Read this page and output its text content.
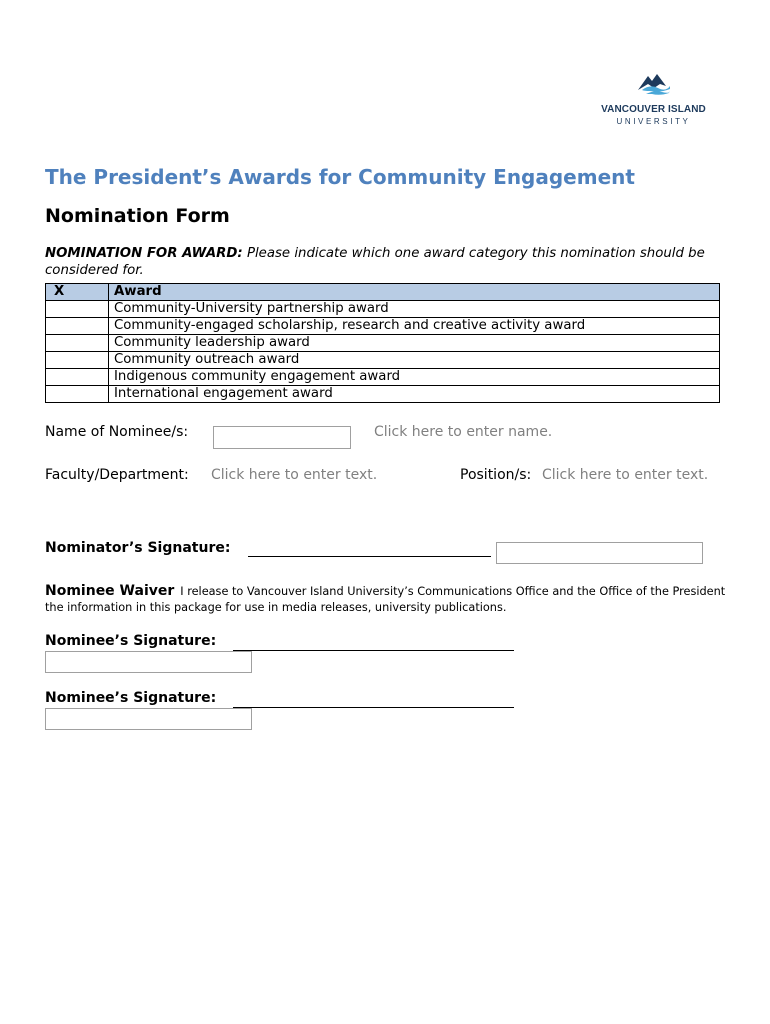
VANCOUVER ISLAND
UNIVERSITY
The President’s Awards for Community Engagement
Nomination Form
NOMINATION FOR AWARD: Please indicate which one award category this nomination should be considered for.
X	Award
	Community-University partnership award
	Community-engaged scholarship, research and creative activity award
	Community leadership award
	Community outreach award
	Indigenous community engagement award
	International engagement award
Name of Nominee/s:	Click here to enter name.
Faculty/Department: Click here to enter text.	Position/s: Click here to enter text.
Nominator’s Signature:
Nominee Waiver I release to Vancouver Island University’s Communications Office and the Office of the President the information in this package for use in media releases, university publications.
Nominee’s Signature:
Nominee’s Signature:
